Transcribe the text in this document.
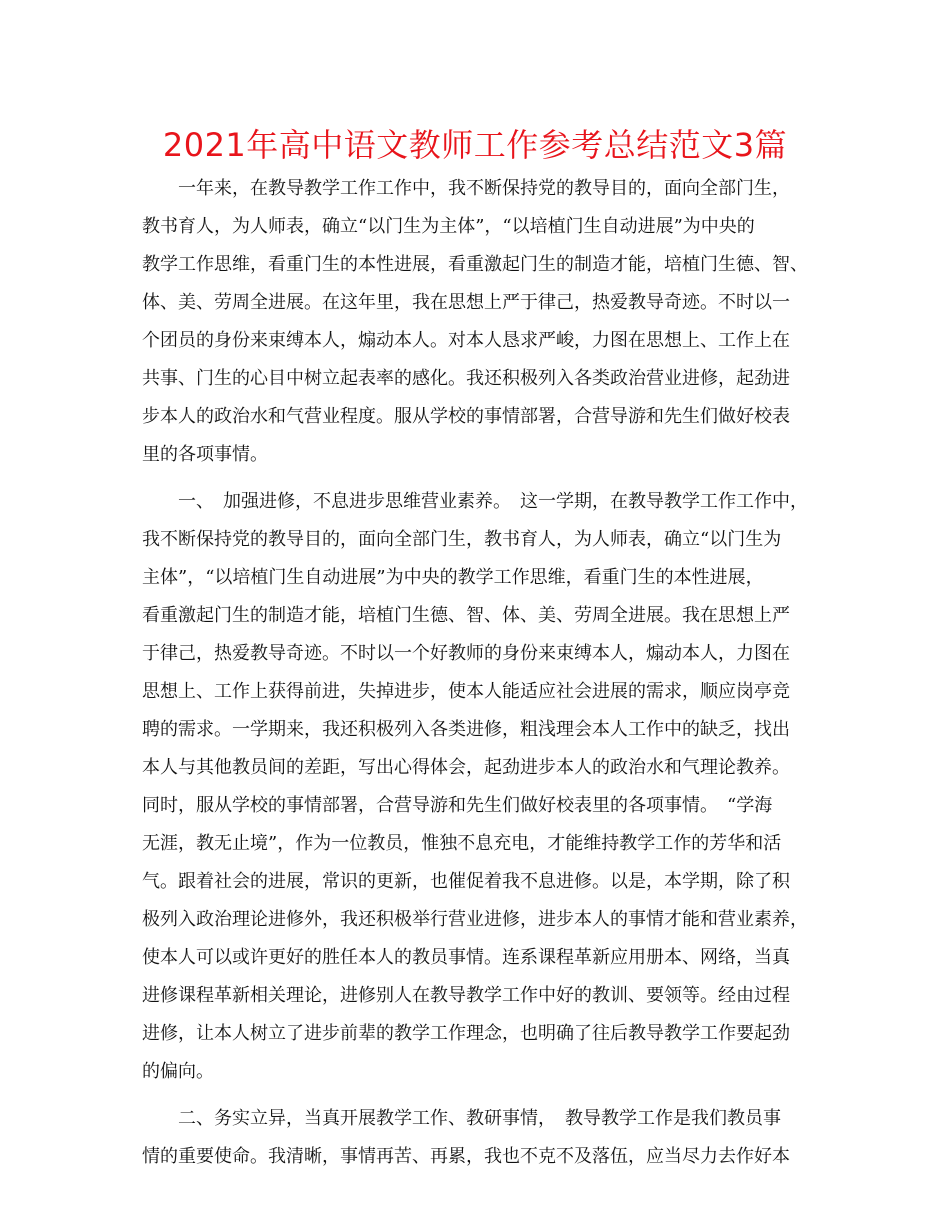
2021年高中语文教师工作参考总结范文3篇
　　一年来，在教导教学工作工作中，我不断保持党的教导目的，面向全部门生，
教书育人，为人师表，确立“以门生为主体”，“以培植门生自动进展”为中央的
教学工作思维，看重门生的本性进展，看重激起门生的制造才能，培植门生德、智、
体、美、劳周全进展。在这年里，我在思想上严于律己，热爱教导奇迹。不时以一
个团员的身份来束缚本人，煽动本人。对本人恳求严峻，力图在思想上、工作上在
共事、门生的心目中树立起表率的感化。我还积极列入各类政治营业进修，起劲进
步本人的政治水和气营业程度。服从学校的事情部署，合营导游和先生们做好校表
里的各项事情。
　　一、　加强进修，不息进步思维营业素养。　这一学期，在教导教学工作工作中，
我不断保持党的教导目的，面向全部门生，教书育人，为人师表，确立“以门生为
主体”，“以培植门生自动进展”为中央的教学工作思维，看重门生的本性进展，
看重激起门生的制造才能，培植门生德、智、体、美、劳周全进展。我在思想上严
于律己，热爱教导奇迹。不时以一个好教师的身份来束缚本人，煽动本人，力图在
思想上、工作上获得前进，失掉进步，使本人能适应社会进展的需求，顺应岗亭竞
聘的需求。一学期来，我还积极列入各类进修，粗浅理会本人工作中的缺乏，找出
本人与其他教员间的差距，写出心得体会，起劲进步本人的政治水和气理论教养。
同时，服从学校的事情部署，合营导游和先生们做好校表里的各项事情。　“学海
无涯，教无止境”，作为一位教员，惟独不息充电，才能维持教学工作的芳华和活
气。跟着社会的进展，常识的更新，也催促着我不息进修。以是，本学期，除了积
极列入政治理论进修外，我还积极举行营业进修，进步本人的事情才能和营业素养，
使本人可以或许更好的胜任本人的教员事情。连系课程革新应用册本、网络，当真
进修课程革新相关理论，进修别人在教导教学工作中好的教训、要领等。经由过程
进修，让本人树立了进步前辈的教学工作理念，也明确了往后教导教学工作要起劲
的偏向。
　　二、务实立异，当真开展教学工作、教研事情，　教导教学工作是我们教员事
情的重要使命。我清晰，事情再苦、再累，我也不克不及落伍，应当尽力去作好本
